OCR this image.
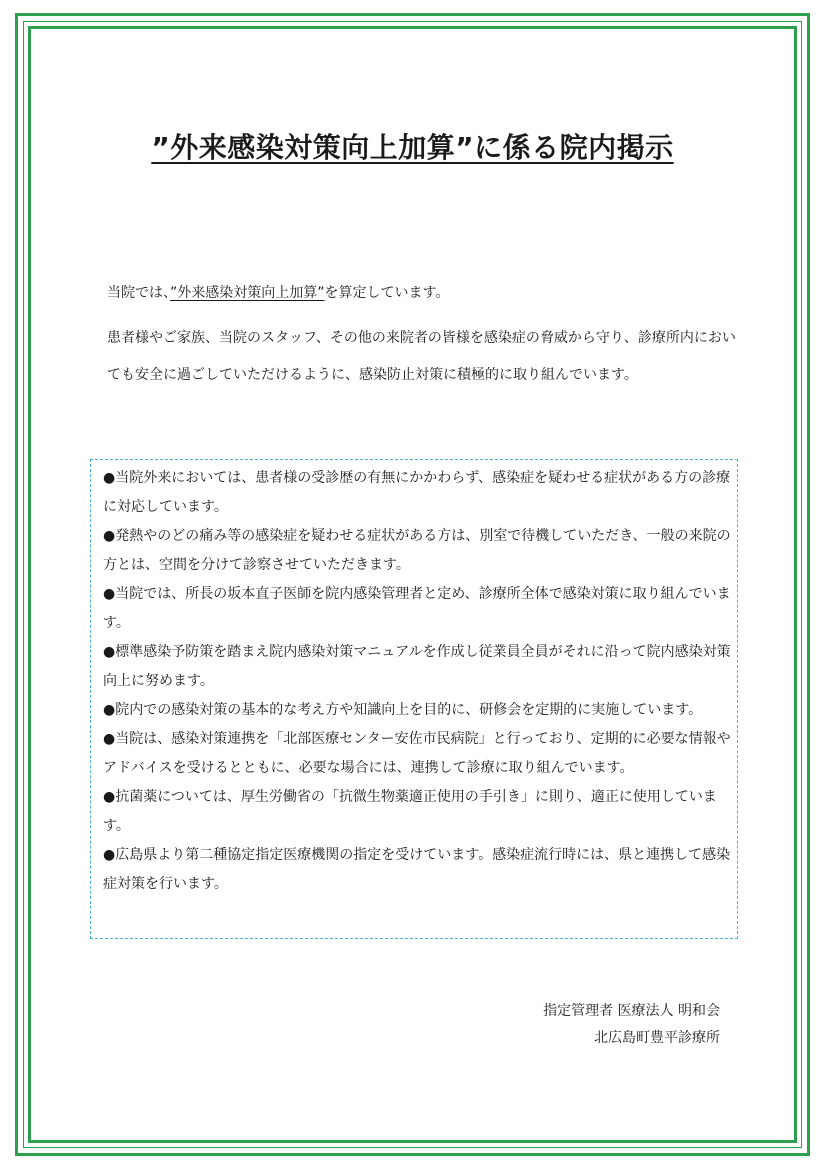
”外来感染対策向上加算”に係る院内掲示

当院では、”外来感染対策向上加算”を算定しています。

患者様やご家族、当院のスタッフ、その他の来院者の皆様を感染症の脅威から守り、診療所内においても安全に過ごしていただけるように、感染防止対策に積極的に取り組んでいます。

●当院外来においては、患者様の受診歴の有無にかかわらず、感染症を疑わせる症状がある方の診療に対応しています。
●発熱やのどの痛み等の感染症を疑わせる症状がある方は、別室で待機していただき、一般の来院の方とは、空間を分けて診察させていただきます。
●当院では、所長の坂本直子医師を院内感染管理者と定め、診療所全体で感染対策に取り組んでいます。
●標準感染予防策を踏まえ院内感染対策マニュアルを作成し従業員全員がそれに沿って院内感染対策向上に努めます。
●院内での感染対策の基本的な考え方や知識向上を目的に、研修会を定期的に実施しています。
●当院は、感染対策連携を「北部医療センター安佐市民病院」と行っており、定期的に必要な情報やアドバイスを受けるとともに、必要な場合には、連携して診療に取り組んでいます。
●抗菌薬については、厚生労働省の「抗微生物薬適正使用の手引き」に則り、適正に使用しています。
●広島県より第二種協定指定医療機関の指定を受けています。感染症流行時には、県と連携して感染症対策を行います。
指定管理者 医療法人 明和会
北広島町豊平診療所
